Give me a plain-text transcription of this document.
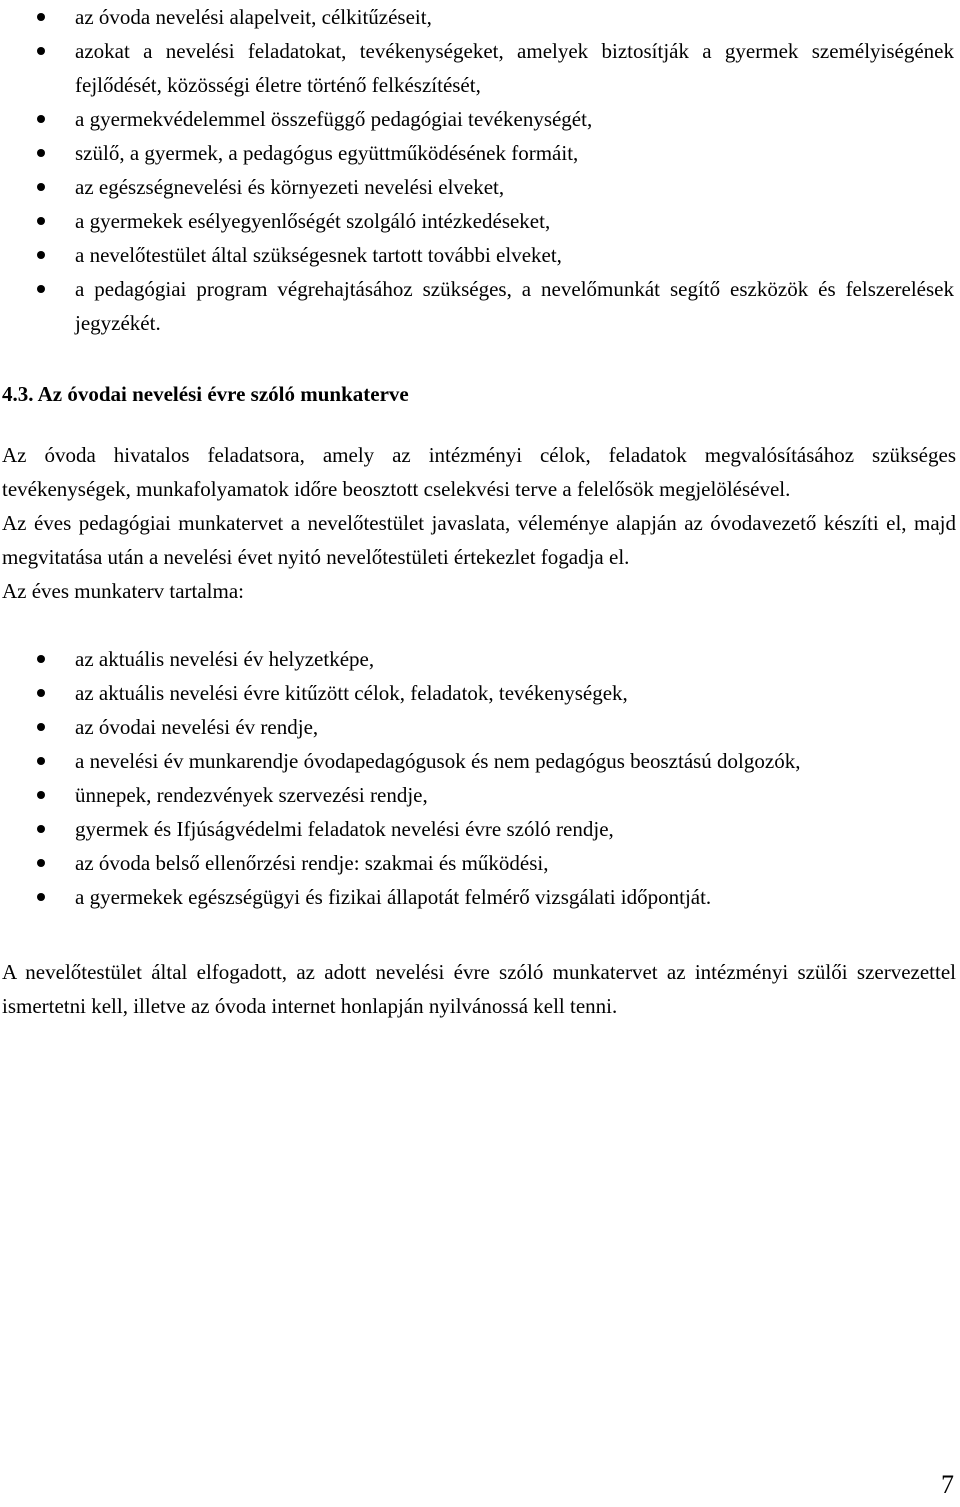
az óvoda nevelési alapelveit, célkitűzéseit,
azokat a nevelési feladatokat, tevékenységeket, amelyek biztosítják a gyermek személyiségének fejlődését, közösségi életre történő felkészítését,
a gyermekvédelemmel összefüggő pedagógiai tevékenységét,
szülő, a gyermek, a pedagógus együttműködésének formáit,
az egészségnevelési és környezeti nevelési elveket,
a gyermekek esélyegyenlőségét szolgáló intézkedéseket,
a nevelőtestület által szükségesnek tartott további elveket,
a pedagógiai program végrehajtásához szükséges, a nevelőmunkát segítő eszközök és felszerelések jegyzékét.
4.3. Az óvodai nevelési évre szóló munkaterve

Az óvoda hivatalos feladatsora, amely az intézményi célok, feladatok megvalósításához szükséges tevékenységek, munkafolyamatok időre beosztott cselekvési terve a felelősök megjelölésével.

Az éves pedagógiai munkatervet a nevelőtestület javaslata, véleménye alapján az óvodavezető készíti el, majd megvitatása után a nevelési évet nyitó nevelőtestületi értekezlet fogadja el.

Az éves munkaterv tartalma:

az aktuális nevelési év helyzetképe,
az aktuális nevelési évre kitűzött célok, feladatok, tevékenységek,
az óvodai nevelési év rendje,
a nevelési év munkarendje óvodapedagógusok és nem pedagógus beosztású dolgozók,
ünnepek, rendezvények szervezési rendje,
gyermek és Ifjúságvédelmi feladatok nevelési évre szóló rendje,
az óvoda belső ellenőrzési rendje: szakmai és működési,
a gyermekek egészségügyi és fizikai állapotát felmérő vizsgálati időpontját.

A nevelőtestület által elfogadott, az adott nevelési évre szóló munkatervet az intézményi szülői szervezettel ismertetni kell, illetve az óvoda internet honlapján nyilvánossá kell tenni.

7
